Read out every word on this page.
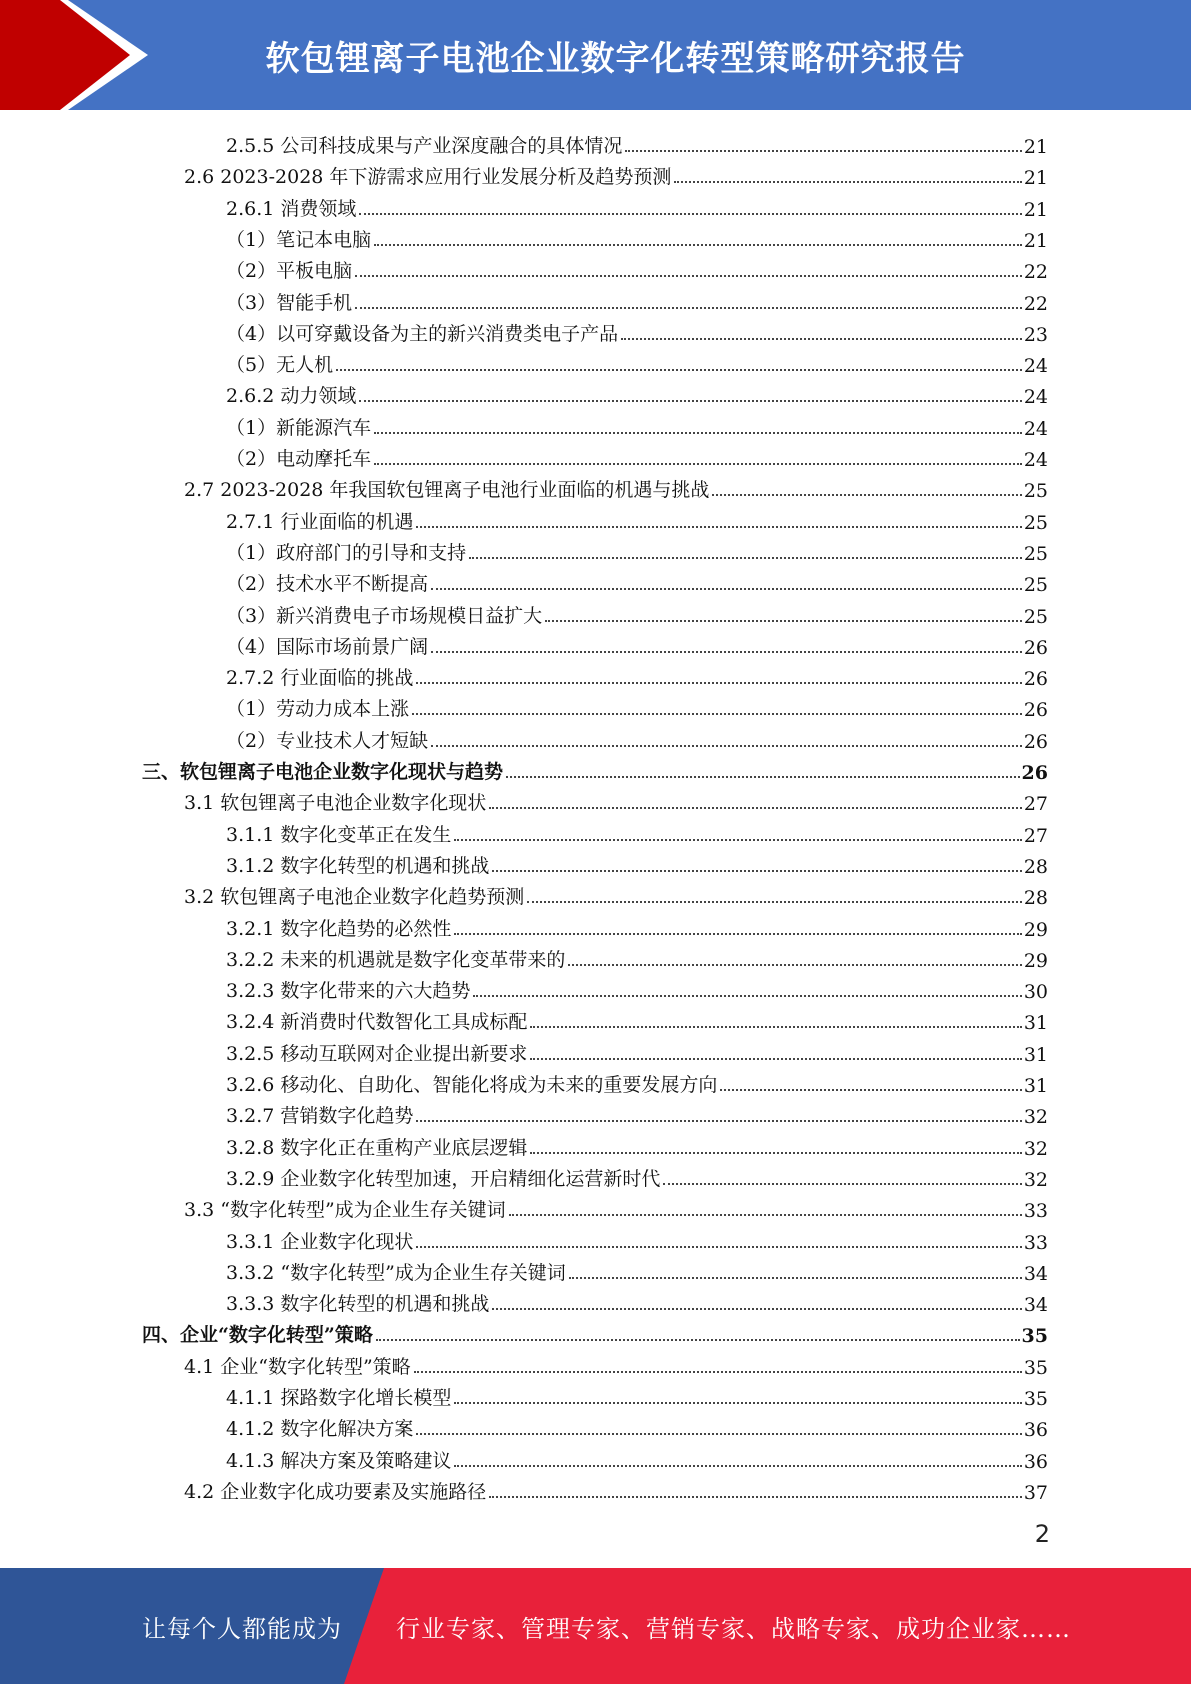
软包锂离子电池企业数字化转型策略研究报告
2.5.5 公司科技成果与产业深度融合的具体情况	21
2.6 2023-2028 年下游需求应用行业发展分析及趋势预测	21
2.6.1 消费领域	21
（1）笔记本电脑	21
（2）平板电脑	22
（3）智能手机	22
（4）以可穿戴设备为主的新兴消费类电子产品	23
（5）无人机	24
2.6.2 动力领域	24
（1）新能源汽车	24
（2）电动摩托车	24
2.7 2023-2028 年我国软包锂离子电池行业面临的机遇与挑战	25
2.7.1 行业面临的机遇	25
（1）政府部门的引导和支持	25
（2）技术水平不断提高	25
（3）新兴消费电子市场规模日益扩大	25
（4）国际市场前景广阔	26
2.7.2 行业面临的挑战	26
（1）劳动力成本上涨	26
（2）专业技术人才短缺	26
三、软包锂离子电池企业数字化现状与趋势	26
3.1 软包锂离子电池企业数字化现状	27
3.1.1 数字化变革正在发生	27
3.1.2 数字化转型的机遇和挑战	28
3.2 软包锂离子电池企业数字化趋势预测	28
3.2.1 数字化趋势的必然性	29
3.2.2 未来的机遇就是数字化变革带来的	29
3.2.3 数字化带来的六大趋势	30
3.2.4 新消费时代数智化工具成标配	31
3.2.5 移动互联网对企业提出新要求	31
3.2.6 移动化、自助化、智能化将成为未来的重要发展方向	31
3.2.7 营销数字化趋势	32
3.2.8 数字化正在重构产业底层逻辑	32
3.2.9 企业数字化转型加速，开启精细化运营新时代	32
3.3 “数字化转型”成为企业生存关键词	33
3.3.1 企业数字化现状	33
3.3.2 “数字化转型”成为企业生存关键词	34
3.3.3 数字化转型的机遇和挑战	34
四、企业“数字化转型”策略	35
4.1 企业“数字化转型”策略	35
4.1.1 探路数字化增长模型	35
4.1.2 数字化解决方案	36
4.1.3 解决方案及策略建议	36
4.2 企业数字化成功要素及实施路径	37
2
让每个人都能成为 行业专家、管理专家、营销专家、战略专家、成功企业家……
